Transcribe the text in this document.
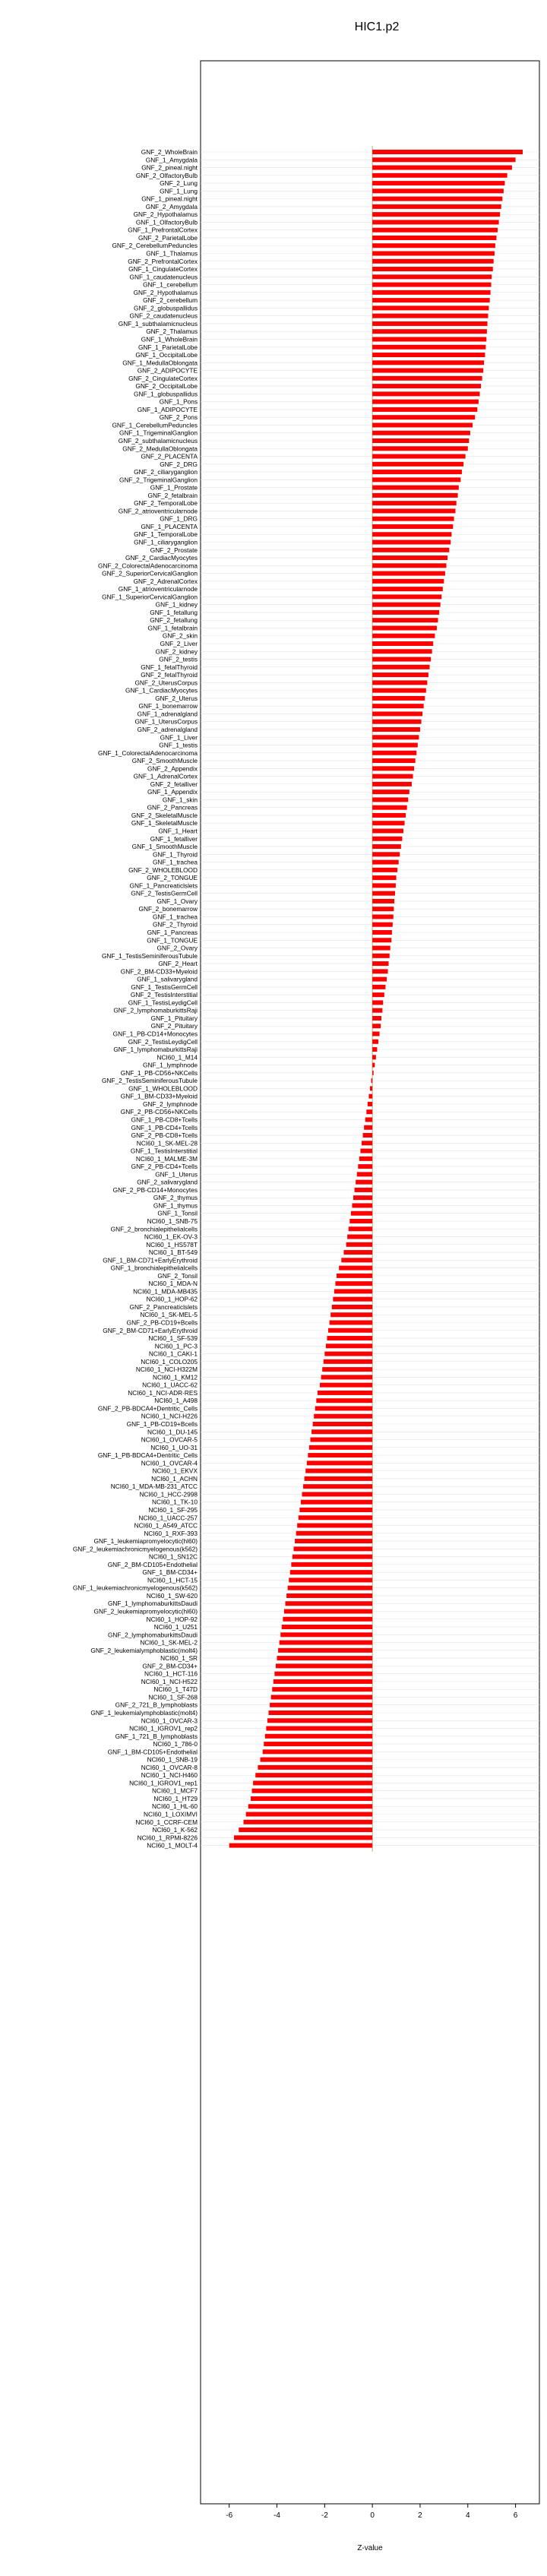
HIC1.p2
GNF_2_WholeBrain
GNF_1_Amygdala
GNF_2_pineal.night
GNF_2_OlfactoryBulb
GNF_2_Lung
GNF_1_Lung
GNF_1_pineal.night
GNF_2_Amygdala
GNF_2_Hypothalamus
GNF_1_OlfactoryBulb
GNF_1_PrefrontalCortex
GNF_2_ParietalLobe
GNF_2_CerebellumPeduncles
GNF_1_Thalamus
GNF_2_PrefrontalCortex
GNF_1_CingulateCortex
GNF_1_caudatenucleus
GNF_1_cerebellum
GNF_2_Hypothalamus
GNF_2_cerebellum
GNF_2_globuspallidus
GNF_2_caudatenucleus
GNF_1_subthalamicnucleus
GNF_2_Thalamus
GNF_1_WholeBrain
GNF_1_ParietalLobe
GNF_1_OccipitalLobe
GNF_1_MedullaOblongata
GNF_2_ADIPOCYTE
GNF_2_CingulateCortex
GNF_2_OccipitalLobe
GNF_1_globuspallidus
GNF_1_Pons
GNF_1_ADIPOCYTE
GNF_2_Pons
GNF_1_CerebellumPeduncles
GNF_1_TrigeminalGanglion
GNF_2_subthalamicnucleus
GNF_2_MedullaOblongata
GNF_2_PLACENTA
GNF_2_DRG
GNF_2_ciliaryganglion
GNF_2_TrigeminalGanglion
GNF_1_Prostate
GNF_2_fetalbrain
GNF_2_TemporalLobe
GNF_2_atrioventricularnode
GNF_1_DRG
GNF_1_PLACENTA
GNF_1_TemporalLobe
GNF_1_ciliaryganglion
GNF_2_Prostate
GNF_2_CardiacMyocytes
GNF_2_ColorectalAdenocarcinoma
GNF_2_SuperiorCervicalGanglion
GNF_2_AdrenalCortex
GNF_1_atrioventricularnode
GNF_1_SuperiorCervicalGanglion
GNF_1_kidney
GNF_1_fetallung
GNF_2_fetallung
GNF_1_fetalbrain
GNF_2_skin
GNF_2_Liver
GNF_2_kidney
GNF_2_testis
GNF_1_fetalThyroid
GNF_2_fetalThyroid
GNF_2_UterusCorpus
GNF_1_CardiacMyocytes
GNF_2_Uterus
GNF_1_bonemarrow
GNF_1_adrenalgland
GNF_1_UterusCorpus
GNF_2_adrenalgland
GNF_1_Liver
GNF_1_testis
GNF_1_ColorectalAdenocarcinoma
GNF_2_SmoothMuscle
GNF_2_Appendix
GNF_1_AdrenalCortex
GNF_2_fetalliver
GNF_1_Appendix
GNF_1_skin
GNF_2_Pancreas
GNF_2_SkeletalMuscle
GNF_1_SkeletalMuscle
GNF_1_Heart
GNF_1_fetalliver
GNF_1_SmoothMuscle
GNF_1_Thyroid
GNF_1_trachea
GNF_2_WHOLEBLOOD
GNF_2_TONGUE
GNF_1_Pancreaticlslets
GNF_2_TestisGermCell
GNF_1_Ovary
GNF_2_bonemarrow
GNF_1_trachea
GNF_2_Thyroid
GNF_1_Pancreas
GNF_1_TONGUE
GNF_2_Ovary
GNF_1_TestisSeminiferousTubule
GNF_2_Heart
GNF_2_BM-CD33+Myeloid
GNF_1_salivarygland
GNF_1_TestisGermCell
GNF_2_TestisInterstitial
GNF_1_TestisLeydigCell
GNF_2_lymphomaburkittsRaji
GNF_1_Pituitary
GNF_2_Pituitary
GNF_1_PB-CD14+Monocytes
GNF_2_TestisLeydigCell
GNF_1_lymphomaburkittsRaji
NCI60_1_M14
GNF_1_lymphnode
GNF_1_PB-CD56+NKCells
GNF_2_TestisSeminiferousTubule
GNF_1_WHOLEBLOOD
GNF_1_BM-CD33+Myeloid
GNF_2_lymphnode
GNF_2_PB-CD56+NKCells
GNF_1_PB-CD8+Tcells
GNF_1_PB-CD4+Tcells
GNF_2_PB-CD8+Tcells
NCI60_1_SK-MEL-28
GNF_1_TestisInterstitial
NCI60_1_MALME-3M
GNF_2_PB-CD4+Tcells
GNF_1_Uterus
GNF_2_salivarygland
GNF_2_PB-CD14+Monocytes
GNF_2_thymus
GNF_1_thymus
GNF_1_Tonsil
NCI60_1_SNB-75
GNF_2_bronchialepithelialcells
NCI60_1_EK-OV-3
NCI60_1_HS578T
NCI60_1_BT-549
GNF_1_BM-CD71+EarlyErythroid
GNF_1_bronchialepithelialcells
GNF_2_Tonsil
NCI60_1_MDA-N
NCI60_1_MDA-MB435
NCI60_1_HOP-62
GNF_2_Pancreaticlslets
NCI60_1_SK-MEL-5
GNF_2_PB-CD19+Bcells
GNF_2_BM-CD71+EarlyErythroid
NCI60_1_SF-539
NCI60_1_PC-3
NCI60_1_CAKI-1
NCI60_1_COLO205
NCI60_1_NCI-H322M
NCI60_1_KM12
NCI60_1_UACC-62
NCI60_1_NCI-ADR-RES
NCI60_1_A498
GNF_2_PB-BDCA4+Dentritic_Cells
NCI60_1_NCI-H226
GNF_1_PB-CD19+Bcells
NCI60_1_DU-145
NCI60_1_OVCAR-5
NCI60_1_UO-31
GNF_1_PB-BDCA4+Dentritic_Cells
NCI60_1_OVCAR-4
NCI60_1_EKVX
NCI60_1_ACHN
NCI60_1_MDA-MB-231_ATCC
NCI60_1_HCC-2998
NCI60_1_TK-10
NCI60_1_SF-295
NCI60_1_UACC-257
NCI60_1_A549_ATCC
NCI60_1_RXF-393
GNF_1_leukemiapromyelocytic(hl60)
GNF_2_leukemiachronicmyelogenous(k562)
NCI60_1_SN12C
GNF_2_BM-CD105+Endothelial
GNF_1_BM-CD34+
NCI60_1_HCT-15
GNF_1_leukemiachronicmyelogenous(k562)
NCI60_1_SW-620
GNF_1_lymphomaburkittsDaudi
GNF_2_leukemiapromyelocytic(hl60)
NCI60_1_HOP-92
NCI60_1_U251
GNF_2_lymphomaburkittsDaudi
NCI60_1_SK-MEL-2
GNF_2_leukemialymphoblastic(molt4)
NCI60_1_SR
GNF_2_BM-CD34+
NCI60_1_HCT-116
NCI60_1_NCI-H522
NCI60_1_T47D
NCI60_1_SF-268
GNF_2_721_B_lymphoblasts
GNF_1_leukemialymphoblastic(molt4)
NCI60_1_OVCAR-3
NCI60_1_IGROV1_rep2
GNF_1_721_B_lymphoblasts
NCI60_1_786-0
GNF_1_BM-CD105+Endothelial
NCI60_1_SNB-19
NCI60_1_OVCAR-8
NCI60_1_NCI-H460
NCI60_1_IGROV1_rep1
NCI60_1_MCF7
NCI60_1_HT29
NCI60_1_HL-60
NCI60_1_LOXIMVI
NCI60_1_CCRF-CEM
NCI60_1_K-562
NCI60_1_RPMI-8226
NCI60_1_MOLT-4
-6	-4	-2	0	2	4	6
Z-value
